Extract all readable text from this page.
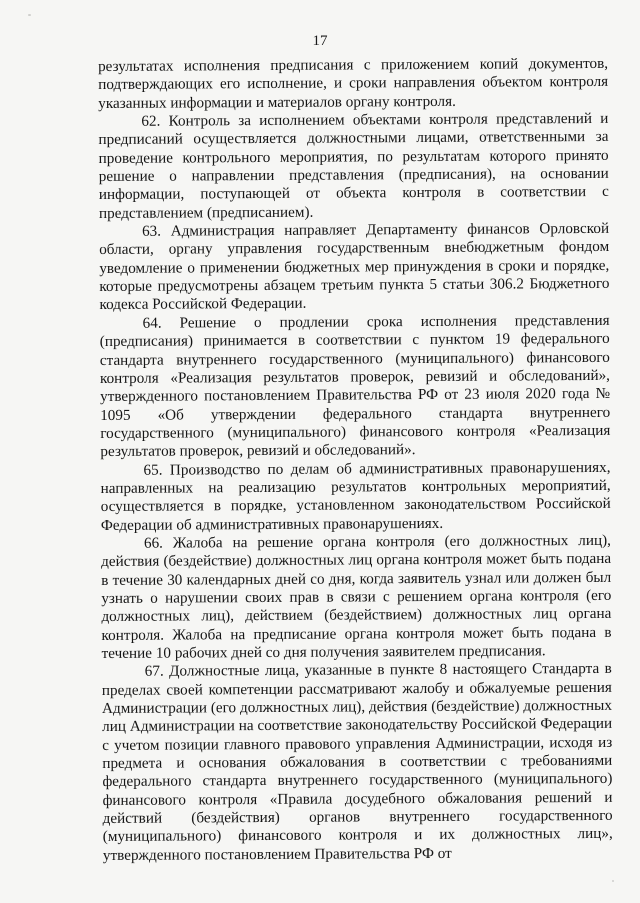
17

результатах исполнения предписания с приложением копий документов, подтверждающих его исполнение, и сроки направления объектом контроля указанных информации и материалов органу контроля.

62. Контроль за исполнением объектами контроля представлений и предписаний осуществляется должностными лицами, ответственными за проведение контрольного мероприятия, по результатам которого принято решение о направлении представления (предписания), на основании информации, поступающей от объекта контроля в соответствии с представлением (предписанием).

63. Администрация направляет Департаменту финансов Орловской области, органу управления государственным внебюджетным фондом уведомление о применении бюджетных мер принуждения в сроки и порядке, которые предусмотрены абзацем третьим пункта 5 статьи 306.2 Бюджетного кодекса Российской Федерации.

64. Решение о продлении срока исполнения представления (предписания) принимается в соответствии с пунктом 19 федерального стандарта внутреннего государственного (муниципального) финансового контроля «Реализация результатов проверок, ревизий и обследований», утвержденного постановлением Правительства РФ от 23 июля 2020 года № 1095 «Об утверждении федерального стандарта внутреннего государственного (муниципального) финансового контроля «Реализация результатов проверок, ревизий и обследований».

65. Производство по делам об административных правонарушениях, направленных на реализацию результатов контрольных мероприятий, осуществляется в порядке, установленном законодательством Российской Федерации об административных правонарушениях.

66. Жалоба на решение органа контроля (его должностных лиц), действия (бездействие) должностных лиц органа контроля может быть подана в течение 30 календарных дней со дня, когда заявитель узнал или должен был узнать о нарушении своих прав в связи с решением органа контроля (его должностных лиц), действием (бездействием) должностных лиц органа контроля. Жалоба на предписание органа контроля может быть подана в течение 10 рабочих дней со дня получения заявителем предписания.

67. Должностные лица, указанные в пункте 8 настоящего Стандарта в пределах своей компетенции рассматривают жалобу и обжалуемые решения Администрации (его должностных лиц), действия (бездействие) должностных лиц Администрации на соответствие законодательству Российской Федерации с учетом позиции главного правового управления Администрации, исходя из предмета и основания обжалования в соответствии с требованиями федерального стандарта внутреннего государственного (муниципального) финансового контроля «Правила досудебного обжалования решений и действий (бездействия) органов внутреннего государственного (муниципального) финансового контроля и их должностных лиц», утвержденного постановлением Правительства РФ от
